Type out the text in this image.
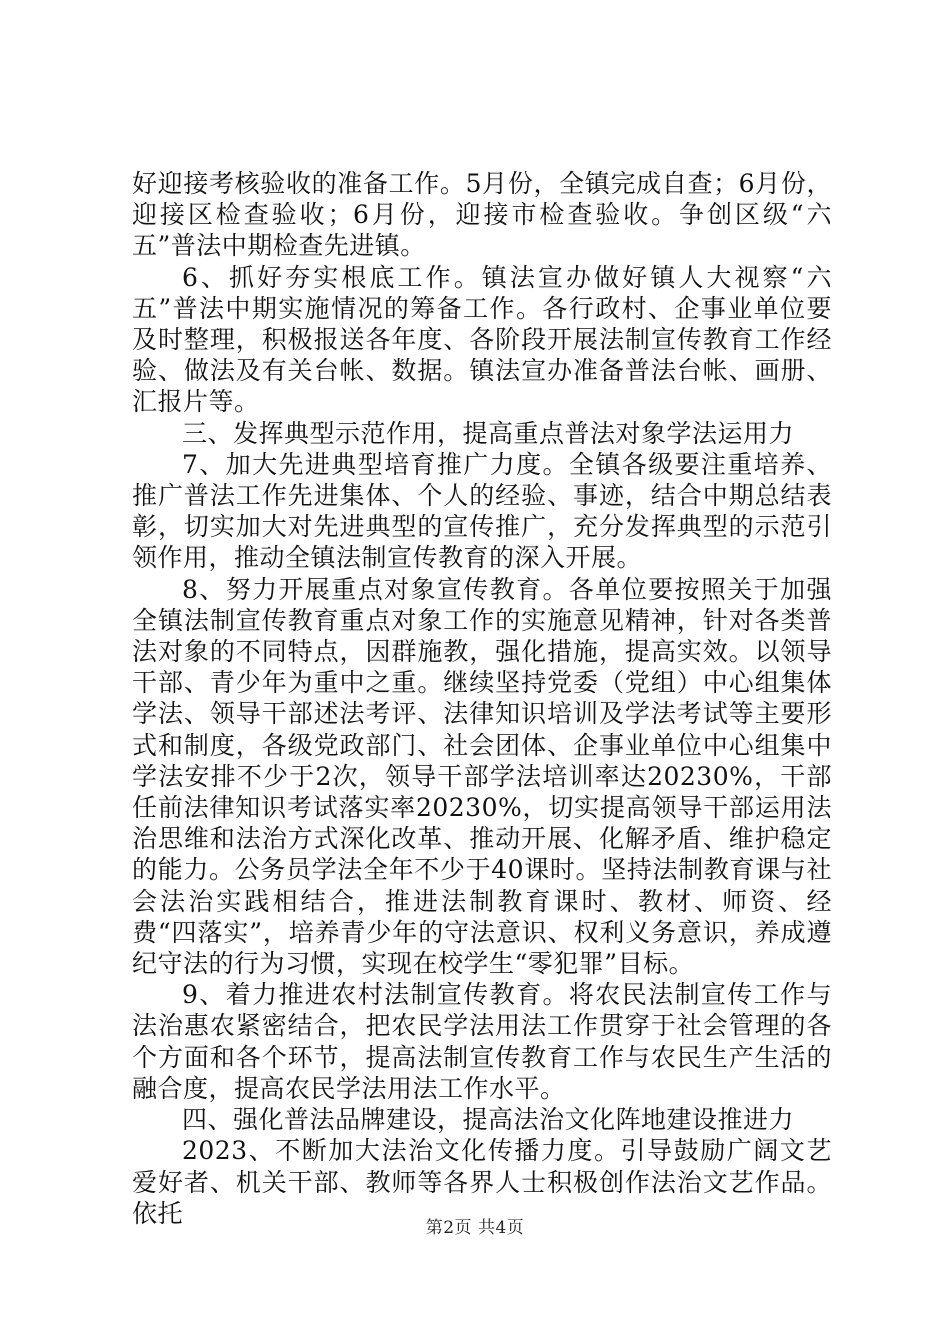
好迎接考核验收的准备工作。5月份，全镇完成自查；6月份，迎接区检查验收；6月份，迎接市检查验收。争创区级“六五”普法中期检查先进镇。

6、抓好夯实根底工作。镇法宣办做好镇人大视察“六五”普法中期实施情况的筹备工作。各行政村、企事业单位要及时整理，积极报送各年度、各阶段开展法制宣传教育工作经验、做法及有关台帐、数据。镇法宣办准备普法台帐、画册、汇报片等。

三、发挥典型示范作用，提高重点普法对象学法运用力

7、加大先进典型培育推广力度。全镇各级要注重培养、推广普法工作先进集体、个人的经验、事迹，结合中期总结表彰，切实加大对先进典型的宣传推广，充分发挥典型的示范引领作用，推动全镇法制宣传教育的深入开展。

8、努力开展重点对象宣传教育。各单位要按照关于加强全镇法制宣传教育重点对象工作的实施意见精神，针对各类普法对象的不同特点，因群施教，强化措施，提高实效。以领导干部、青少年为重中之重。继续坚持党委（党组）中心组集体学法、领导干部述法考评、法律知识培训及学法考试等主要形式和制度，各级党政部门、社会团体、企事业单位中心组集中学法安排不少于2次，领导干部学法培训率达20230%，干部任前法律知识考试落实率20230%，切实提高领导干部运用法治思维和法治方式深化改革、推动开展、化解矛盾、维护稳定的能力。公务员学法全年不少于40课时。坚持法制教育课与社会法治实践相结合，推进法制教育课时、教材、师资、经费“四落实”，培养青少年的守法意识、权利义务意识，养成遵纪守法的行为习惯，实现在校学生“零犯罪”目标。

9、着力推进农村法制宣传教育。将农民法制宣传工作与法治惠农紧密结合，把农民学法用法工作贯穿于社会管理的各个方面和各个环节，提高法制宣传教育工作与农民生产生活的融合度，提高农民学法用法工作水平。

四、强化普法品牌建设，提高法治文化阵地建设推进力

2023、不断加大法治文化传播力度。引导鼓励广阔文艺爱好者、机关干部、教师等各界人士积极创作法治文艺作品。依托

第2页 共4页
